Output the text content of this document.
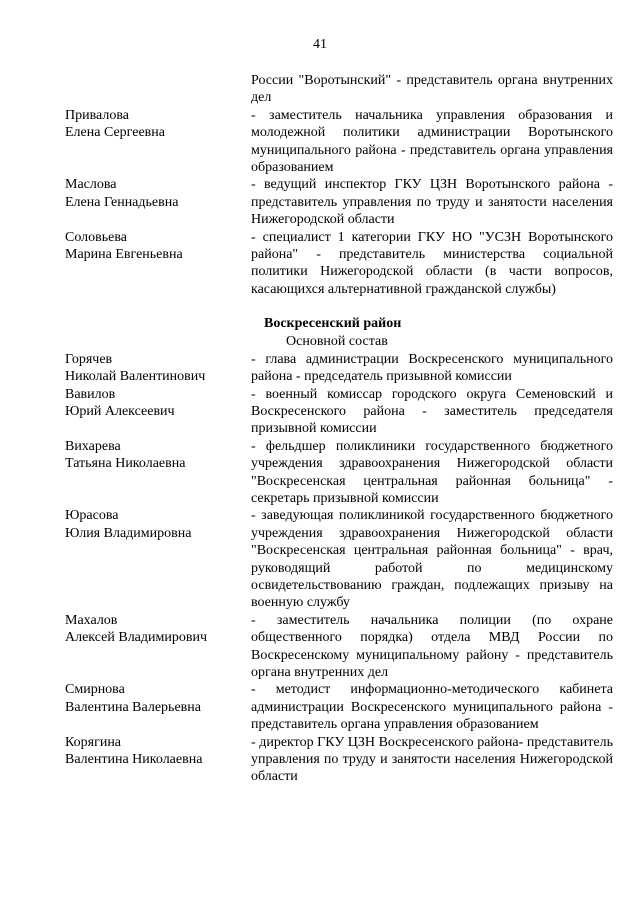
41
России "Воротынский" - представитель органа внутренних дел
Привалова
Елена Сергеевна
- заместитель начальника управления образования и молодежной политики администрации Воротынского муниципального района - представитель органа управления образованием
Маслова
Елена Геннадьевна
- ведущий инспектор ГКУ ЦЗН Воротынского района - представитель управления по труду и занятости населения Нижегородской области
Соловьева
Марина Евгеньевна
- специалист 1 категории ГКУ НО "УСЗН Воротынского района" - представитель министерства социальной политики Нижегородской области (в части вопросов, касающихся альтернативной гражданской службы)
Воскресенский район
Основной состав
Горячев
Николай Валентинович
- глава администрации Воскресенского муниципального района - председатель призывной комиссии
Вавилов
Юрий Алексеевич
- военный комиссар городского округа Семеновский и Воскресенского района - заместитель председателя призывной комиссии
Вихарева
Татьяна Николаевна
- фельдшер поликлиники государственного бюджетного учреждения здравоохранения Нижегородской области "Воскресенская центральная районная больница" - секретарь призывной комиссии
Юрасова
Юлия Владимировна
- заведующая поликлиникой государственного бюджетного учреждения здравоохранения Нижегородской области "Воскресенская центральная районная больница" - врач, руководящий работой по медицинскому освидетельствованию граждан, подлежащих призыву на военную службу
Махалов
Алексей Владимирович
- заместитель начальника полиции (по охране общественного порядка) отдела МВД России по Воскресенскому муниципальному району - представитель органа внутренних дел
Смирнова
Валентина Валерьевна
- методист информационно-методического кабинета администрации Воскресенского муниципального района - представитель органа управления образованием
Корягина
Валентина Николаевна
- директор ГКУ ЦЗН Воскресенского района- представитель управления по труду и занятости населения Нижегородской области
